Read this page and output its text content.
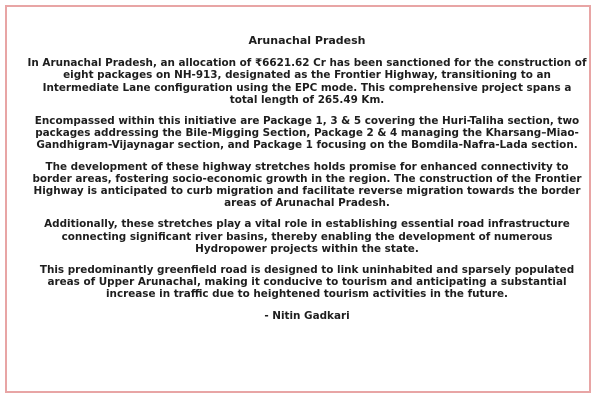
Arunachal Pradesh

In Arunachal Pradesh, an allocation of ₹6621.62 Cr has been sanctioned for the construction of eight packages on NH-913, designated as the Frontier Highway, transitioning to an Intermediate Lane configuration using the EPC mode. This comprehensive project spans a total length of 265.49 Km.

Encompassed within this initiative are Package 1, 3 & 5 covering the Huri-Taliha section, two packages addressing the Bile-Migging Section, Package 2 & 4 managing the Kharsang–Miao-Gandhigram-Vijaynagar section, and Package 1 focusing on the Bomdila-Nafra-Lada section.

The development of these highway stretches holds promise for enhanced connectivity to border areas, fostering socio-economic growth in the region. The construction of the Frontier Highway is anticipated to curb migration and facilitate reverse migration towards the border areas of Arunachal Pradesh.

Additionally, these stretches play a vital role in establishing essential road infrastructure connecting significant river basins, thereby enabling the development of numerous Hydropower projects within the state.

This predominantly greenfield road is designed to link uninhabited and sparsely populated areas of Upper Arunachal, making it conducive to tourism and anticipating a substantial increase in traffic due to heightened tourism activities in the future.

- Nitin Gadkari
